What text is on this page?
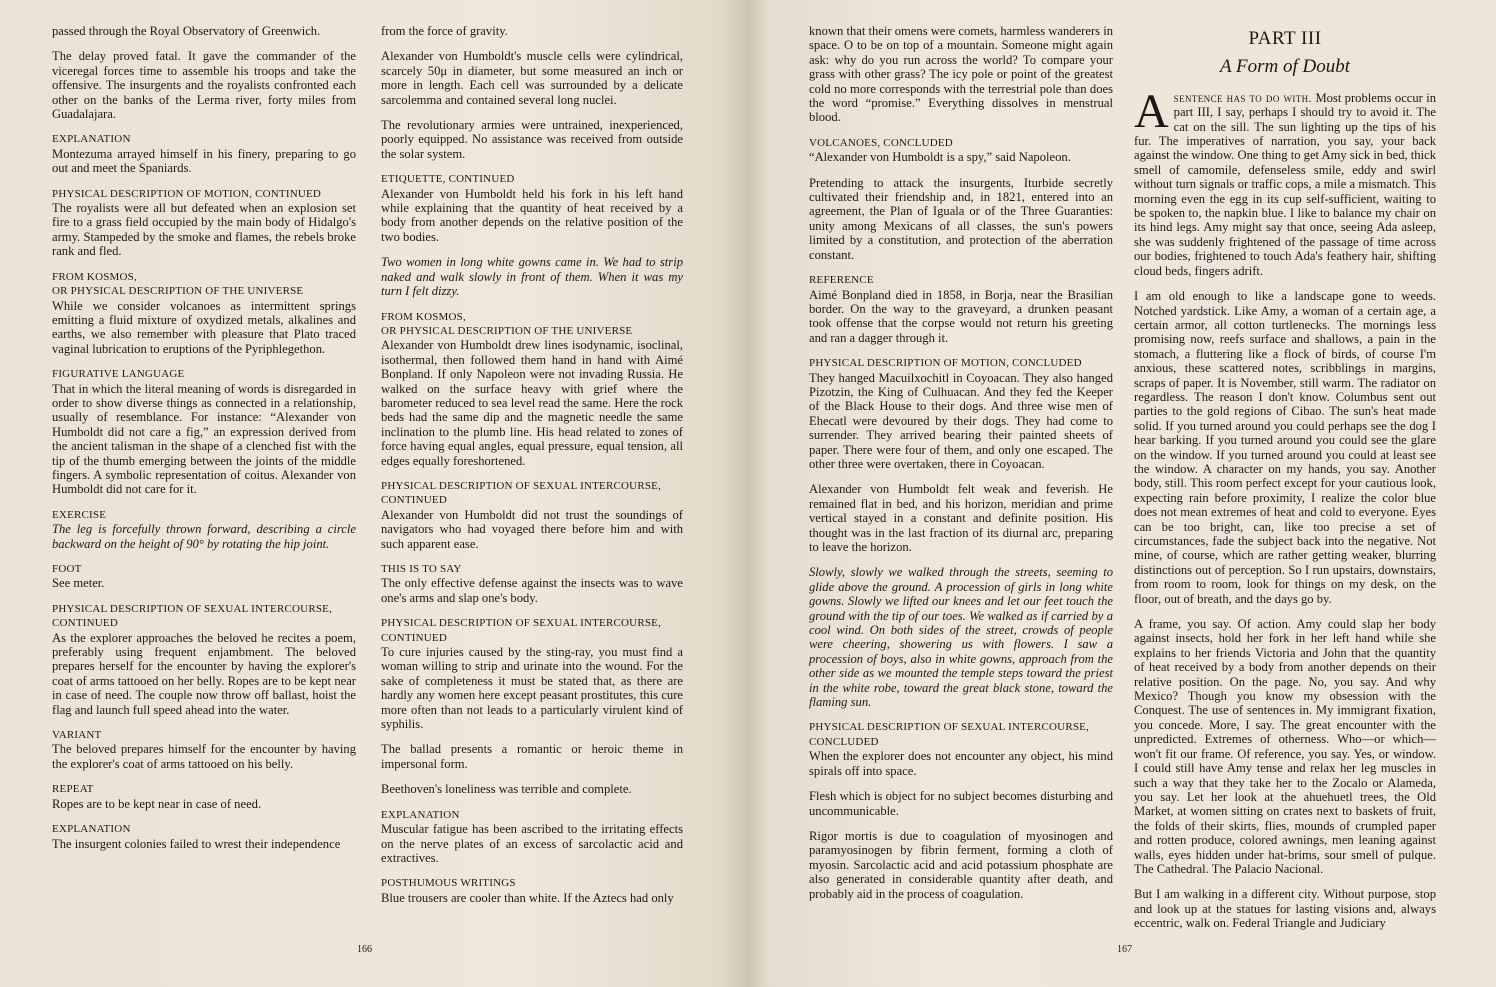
passed through the Royal Observatory of Greenwich.

The delay proved fatal. It gave the commander of the viceregal forces time to assemble his troops and take the offensive. The insurgents and the royalists confronted each other on the banks of the Lerma river, forty miles from Guadalajara.

EXPLANATION
Montezuma arrayed himself in his finery, preparing to go out and meet the Spaniards.
PHYSICAL DESCRIPTION OF MOTION, CONTINUED
The royalists were all but defeated when an explosion set fire to a grass field occupied by the main body of Hidalgo's army. Stampeded by the smoke and flames, the rebels broke rank and fled.
FROM KOSMOS,
OR PHYSICAL DESCRIPTION OF THE UNIVERSE
While we consider volcanoes as intermittent springs emitting a fluid mixture of oxydized metals, alkalines and earths, we also remember with pleasure that Plato traced vaginal lubrication to eruptions of the Pyriphlegethon.
FIGURATIVE LANGUAGE
That in which the literal meaning of words is disregarded in order to show diverse things as connected in a relationship, usually of resemblance. For instance: “Alexander von Humboldt did not care a fig,” an expression derived from the ancient talisman in the shape of a clenched fist with the tip of the thumb emerging between the joints of the middle fingers. A symbolic representation of coitus. Alexander von Humboldt did not care for it.
EXERCISE
The leg is forcefully thrown forward, describing a circle backward on the height of 90° by rotating the hip joint.
FOOT
See meter.
PHYSICAL DESCRIPTION OF SEXUAL INTERCOURSE,
CONTINUED
As the explorer approaches the beloved he recites a poem, preferably using frequent enjambment. The beloved prepares herself for the encounter by having the explorer's coat of arms tattooed on her belly. Ropes are to be kept near in case of need. The couple now throw off ballast, hoist the flag and launch full speed ahead into the water.
VARIANT
The beloved prepares himself for the encounter by having the explorer's coat of arms tattooed on his belly.
REPEAT
Ropes are to be kept near in case of need.
EXPLANATION
The insurgent colonies failed to wrest their independence

from the force of gravity.

Alexander von Humboldt's muscle cells were cylindrical, scarcely 50μ in diameter, but some measured an inch or more in length. Each cell was surrounded by a delicate sarcolemma and contained several long nuclei.

The revolutionary armies were untrained, inexperienced, poorly equipped. No assistance was received from outside the solar system.

ETIQUETTE, CONTINUED
Alexander von Humboldt held his fork in his left hand while explaining that the quantity of heat received by a body from another depends on the relative position of the two bodies.

Two women in long white gowns came in. We had to strip naked and walk slowly in front of them. When it was my turn I felt dizzy.

FROM KOSMOS,
OR PHYSICAL DESCRIPTION OF THE UNIVERSE
Alexander von Humboldt drew lines isodynamic, isoclinal, isothermal, then followed them hand in hand with Aimé Bonpland. If only Napoleon were not invading Russia. He walked on the surface heavy with grief where the barometer reduced to sea level read the same. Here the rock beds had the same dip and the magnetic needle the same inclination to the plumb line. His head related to zones of force having equal angles, equal pressure, equal tension, all edges equally foreshortened.
PHYSICAL DESCRIPTION OF SEXUAL INTERCOURSE,
CONTINUED
Alexander von Humboldt did not trust the soundings of navigators who had voyaged there before him and with such apparent ease.
THIS IS TO SAY
The only effective defense against the insects was to wave one's arms and slap one's body.
PHYSICAL DESCRIPTION OF SEXUAL INTERCOURSE,
CONTINUED
To cure injuries caused by the sting-ray, you must find a woman willing to strip and urinate into the wound. For the sake of completeness it must be stated that, as there are hardly any women here except peasant prostitutes, this cure more often than not leads to a particularly virulent kind of syphilis.

The ballad presents a romantic or heroic theme in impersonal form.

Beethoven's loneliness was terrible and complete.

EXPLANATION
Muscular fatigue has been ascribed to the irritating effects on the nerve plates of an excess of sarcolactic acid and extractives.
POSTHUMOUS WRITINGS
Blue trousers are cooler than white. If the Aztecs had only
166

known that their omens were comets, harmless wanderers in space. O to be on top of a mountain. Someone might again ask: why do you run across the world? To compare your grass with other grass? The icy pole or point of the greatest cold no more corresponds with the terrestrial pole than does the word “promise.” Everything dissolves in menstrual blood.

VOLCANOES, CONCLUDED
“Alexander von Humboldt is a spy,” said Napoleon.

Pretending to attack the insurgents, Iturbide secretly cultivated their friendship and, in 1821, entered into an agreement, the Plan of Iguala or of the Three Guaranties: unity among Mexicans of all classes, the sun's powers limited by a constitution, and protection of the aberration constant.

REFERENCE
Aimé Bonpland died in 1858, in Borja, near the Brasilian border. On the way to the graveyard, a drunken peasant took offense that the corpse would not return his greeting and ran a dagger through it.
PHYSICAL DESCRIPTION OF MOTION, CONCLUDED
They hanged Macuilxochitl in Coyoacan. They also hanged Pizotzin, the King of Culhuacan. And they fed the Keeper of the Black House to their dogs. And three wise men of Ehecatl were devoured by their dogs. They had come to surrender. They arrived bearing their painted sheets of paper. There were four of them, and only one escaped. The other three were overtaken, there in Coyoacan.

Alexander von Humboldt felt weak and feverish. He remained flat in bed, and his horizon, meridian and prime vertical stayed in a constant and definite position. His thought was in the last fraction of its diurnal arc, preparing to leave the horizon.

Slowly, slowly we walked through the streets, seeming to glide above the ground. A procession of girls in long white gowns. Slowly we lifted our knees and let our feet touch the ground with the tip of our toes. We walked as if carried by a cool wind. On both sides of the street, crowds of people were cheering, showering us with flowers. I saw a procession of boys, also in white gowns, approach from the other side as we mounted the temple steps toward the priest in the white robe, toward the great black stone, toward the flaming sun.

PHYSICAL DESCRIPTION OF SEXUAL INTERCOURSE,
CONCLUDED
When the explorer does not encounter any object, his mind spirals off into space.

Flesh which is object for no subject becomes disturbing and uncommunicable.

Rigor mortis is due to coagulation of myosinogen and paramyosinogen by fibrin ferment, forming a cloth of myosin. Sarcolactic acid and acid potassium phosphate are also generated in considerable quantity after death, and probably aid in the process of coagulation.

PART III
A Form of Doubt

Asentence has to do with. Most problems occur in part III, I say, perhaps I should try to avoid it. The cat on the sill. The sun lighting up the tips of his fur. The imperatives of narration, you say, your back against the window. One thing to get Amy sick in bed, thick smell of camomile, defenseless smile, eddy and swirl without turn signals or traffic cops, a mile a mismatch. This morning even the egg in its cup self-sufficient, waiting to be spoken to, the napkin blue. I like to balance my chair on its hind legs. Amy might say that once, seeing Ada asleep, she was suddenly frightened of the passage of time across our bodies, frightened to touch Ada's feathery hair, shifting cloud beds, fingers adrift.

I am old enough to like a landscape gone to weeds. Notched yardstick. Like Amy, a woman of a certain age, a certain armor, all cotton turtlenecks. The mornings less promising now, reefs surface and shallows, a pain in the stomach, a fluttering like a flock of birds, of course I'm anxious, these scattered notes, scribblings in margins, scraps of paper. It is November, still warm. The radiator on regardless. The reason I don't know. Columbus sent out parties to the gold regions of Cibao. The sun's heat made solid. If you turned around you could perhaps see the dog I hear barking. If you turned around you could see the glare on the window. If you turned around you could at least see the window. A character on my hands, you say. Another body, still. This room perfect except for your cautious look, expecting rain before proximity, I realize the color blue does not mean extremes of heat and cold to everyone. Eyes can be too bright, can, like too precise a set of circumstances, fade the subject back into the negative. Not mine, of course, which are rather getting weaker, blurring distinctions out of perception. So I run upstairs, downstairs, from room to room, look for things on my desk, on the floor, out of breath, and the days go by.

A frame, you say. Of action. Amy could slap her body against insects, hold her fork in her left hand while she explains to her friends Victoria and John that the quantity of heat received by a body from another depends on their relative position. On the page. No, you say. And why Mexico? Though you know my obsession with the Conquest. The use of sentences in. My immigrant fixation, you concede. More, I say. The great encounter with the unpredicted. Extremes of otherness. Who—or which—won't fit our frame. Of reference, you say. Yes, or window. I could still have Amy tense and relax her leg muscles in such a way that they take her to the Zocalo or Alameda, you say. Let her look at the ahuehuetl trees, the Old Market, at women sitting on crates next to baskets of fruit, the folds of their skirts, flies, mounds of crumpled paper and rotten produce, colored awnings, men leaning against walls, eyes hidden under hat-brims, sour smell of pulque. The Cathedral. The Palacio Nacional.

But I am walking in a different city. Without purpose, stop and look up at the statues for lasting visions and, always eccentric, walk on. Federal Triangle and Judiciary

167
